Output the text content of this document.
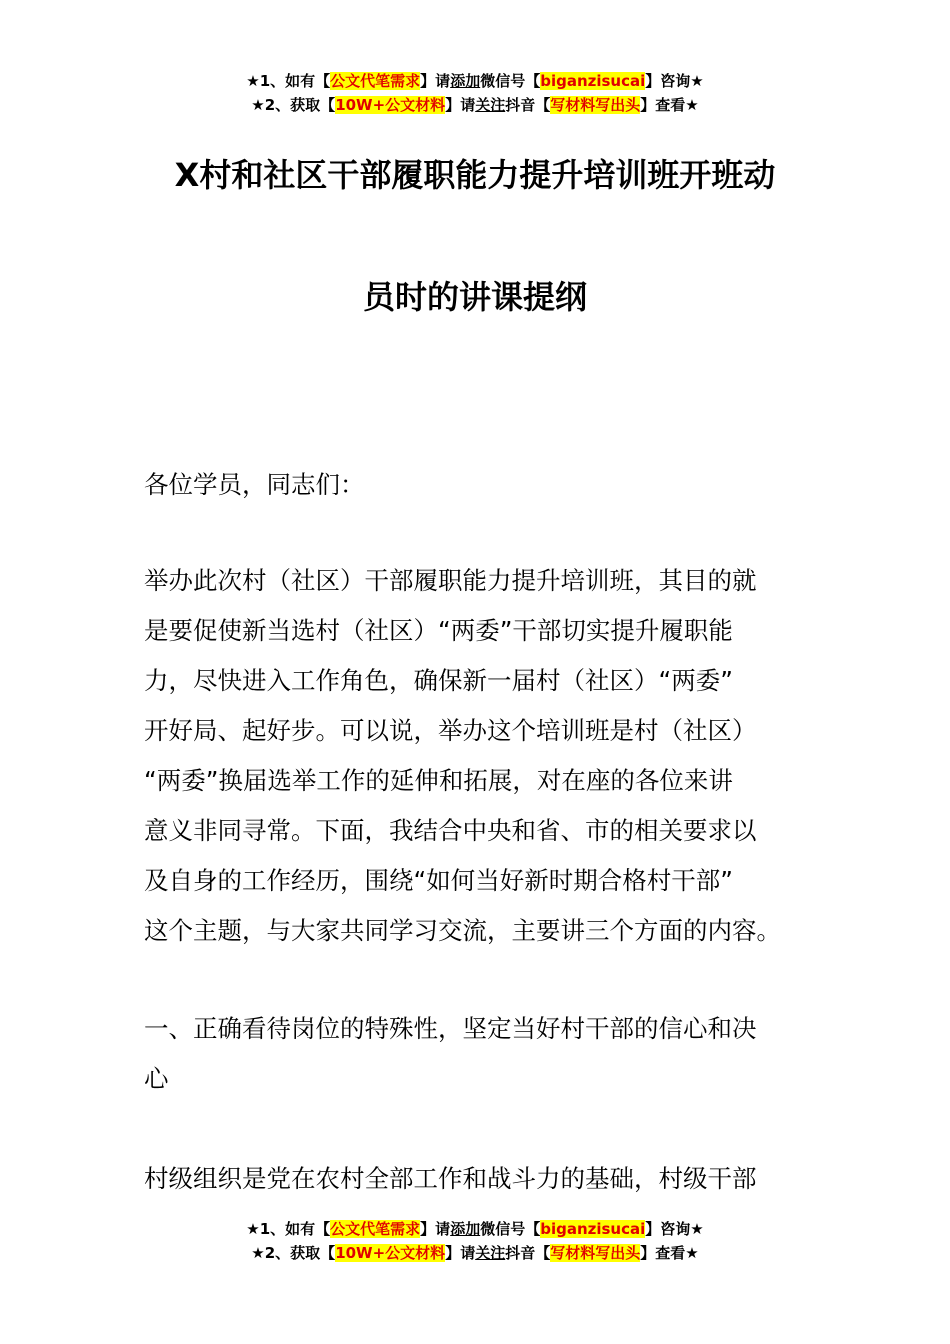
★1、如有【公文代笔需求】请添加微信号【biganzisucai】咨询★
★2、获取【10W+公文材料】请关注抖音【写材料写出头】查看★
X村和社区干部履职能力提升培训班开班动
员时的讲课提纲
各位学员，同志们：
举办此次村（社区）干部履职能力提升培训班，其目的就
是要促使新当选村（社区）“两委”干部切实提升履职能
力，尽快进入工作角色，确保新一届村（社区）“两委”
开好局、起好步。可以说，举办这个培训班是村（社区）
“两委”换届选举工作的延伸和拓展，对在座的各位来讲
意义非同寻常。下面，我结合中央和省、市的相关要求以
及自身的工作经历，围绕“如何当好新时期合格村干部”
这个主题，与大家共同学习交流，主要讲三个方面的内容。
一、正确看待岗位的特殊性，坚定当好村干部的信心和决
心
村级组织是党在农村全部工作和战斗力的基础，村级干部
★1、如有【公文代笔需求】请添加微信号【biganzisucai】咨询★
★2、获取【10W+公文材料】请关注抖音【写材料写出头】查看★
